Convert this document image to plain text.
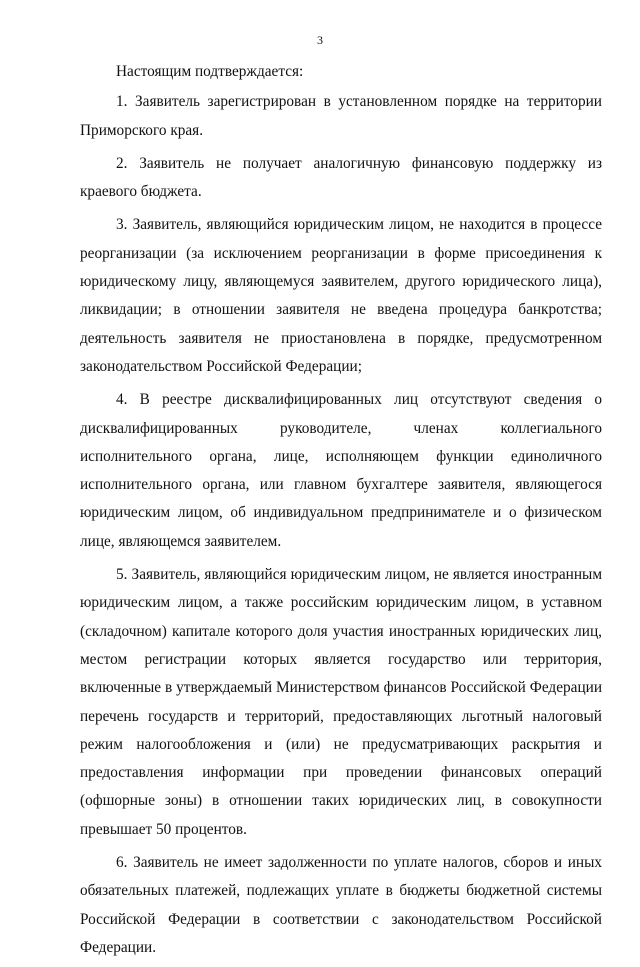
3

Настоящим подтверждается:

1. Заявитель зарегистрирован в установленном порядке на территории Приморского края.

2. Заявитель не получает аналогичную финансовую поддержку из краевого бюджета.

3. Заявитель, являющийся юридическим лицом, не находится в процессе реорганизации (за исключением реорганизации в форме присоединения к юридическому лицу, являющемуся заявителем, другого юридического лица), ликвидации; в отношении заявителя не введена процедура банкротства; деятельность заявителя не приостановлена в порядке, предусмотренном законодательством Российской Федерации;

4. В реестре дисквалифицированных лиц отсутствуют сведения о дисквалифицированных руководителе, членах коллегиального исполнительного органа, лице, исполняющем функции единоличного исполнительного органа, или главном бухгалтере заявителя, являющегося юридическим лицом, об индивидуальном предпринимателе и о физическом лице, являющемся заявителем.

5. Заявитель, являющийся юридическим лицом, не является иностранным юридическим лицом, а также российским юридическим лицом, в уставном (складочном) капитале которого доля участия иностранных юридических лиц, местом регистрации которых является государство или территория, включенные в утверждаемый Министерством финансов Российской Федерации перечень государств и территорий, предоставляющих льготный налоговый режим налогообложения и (или) не предусматривающих раскрытия и предоставления информации при проведении финансовых операций (офшорные зоны) в отношении таких юридических лиц, в совокупности превышает 50 процентов.

6. Заявитель не имеет задолженности по уплате налогов, сборов и иных обязательных платежей, подлежащих уплате в бюджеты бюджетной системы Российской Федерации в соответствии с законодательством Российской Федерации.
